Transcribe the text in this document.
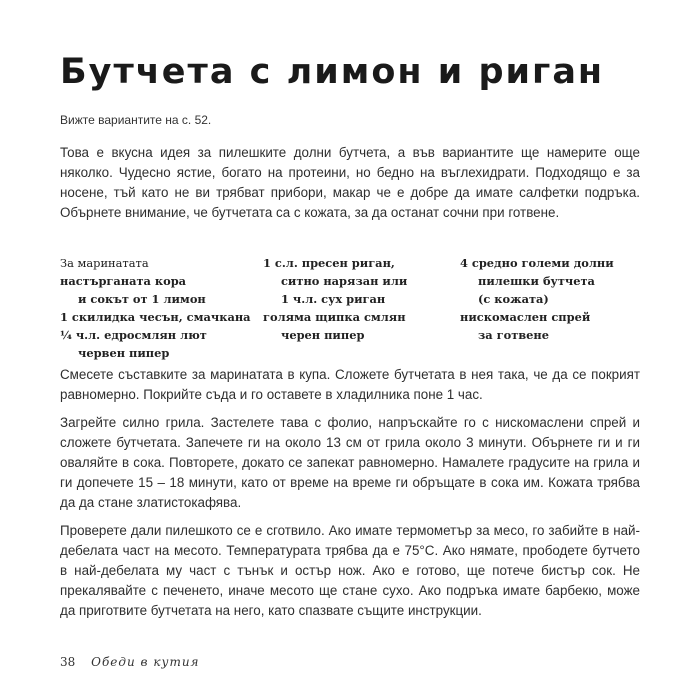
Бутчета с лимон и риган
Вижте вариантите на с. 52.
Това е вкусна идея за пилешките долни бутчета, а във вариантите ще намерите още няколко. Чудесно ястие, богато на протеини, но бедно на въглехидрати. Подходящо е за носене, тъй като не ви трябват прибори, макар че е добре да имате салфетки подръка. Обърнете внимание, че бутчетата са с кожата, за да останат сочни при готвене.
За маринатата
настърганата кора
и сокът от 1 лимон
1 скилидка чесън, смачкана
¼ ч.л. едросмлян лют
червен пипер
1 с.л. пресен риган,
ситно нарязан или
1 ч.л. сух риган
голяма щипка смлян
черен пипер
4 средно големи долни
пилешки бутчета
(с кожата)
нискомаслен спрей
за готвене
Смесете съставките за маринатата в купа. Сложете бутчетата в нея така, че да се покрият равномерно. Покрийте съда и го оставете в хладилника поне 1 час.
Загрейте силно грила. Застелете тава с фолио, напръскайте го с нискомаслени спрей и сложете бутчетата. Запечете ги на около 13 см от грила около 3 минути. Обърнете ги и ги оваляйте в сока. Повторете, докато се запекат равномерно. Намалете градусите на грила и ги допечете 15 – 18 минути, като от време на време ги обръщате в сока им. Кожата трябва да да стане златистокафява.
Проверете дали пилешкото се е сготвило. Ако имате термометър за месо, го забийте в най-дебелата част на месото. Температурата трябва да е 75°C. Ако нямате, прободете бутчето в най-дебелата му част с тънък и остър нож. Ако е готово, ще потече бистър сок. Не прекалявайте с печенето, иначе месото ще стане сухо. Ако подръка имате барбекю, може да приготвите бутчетата на него, като спазвате същите инструкции.
38 Обеди в кутия
